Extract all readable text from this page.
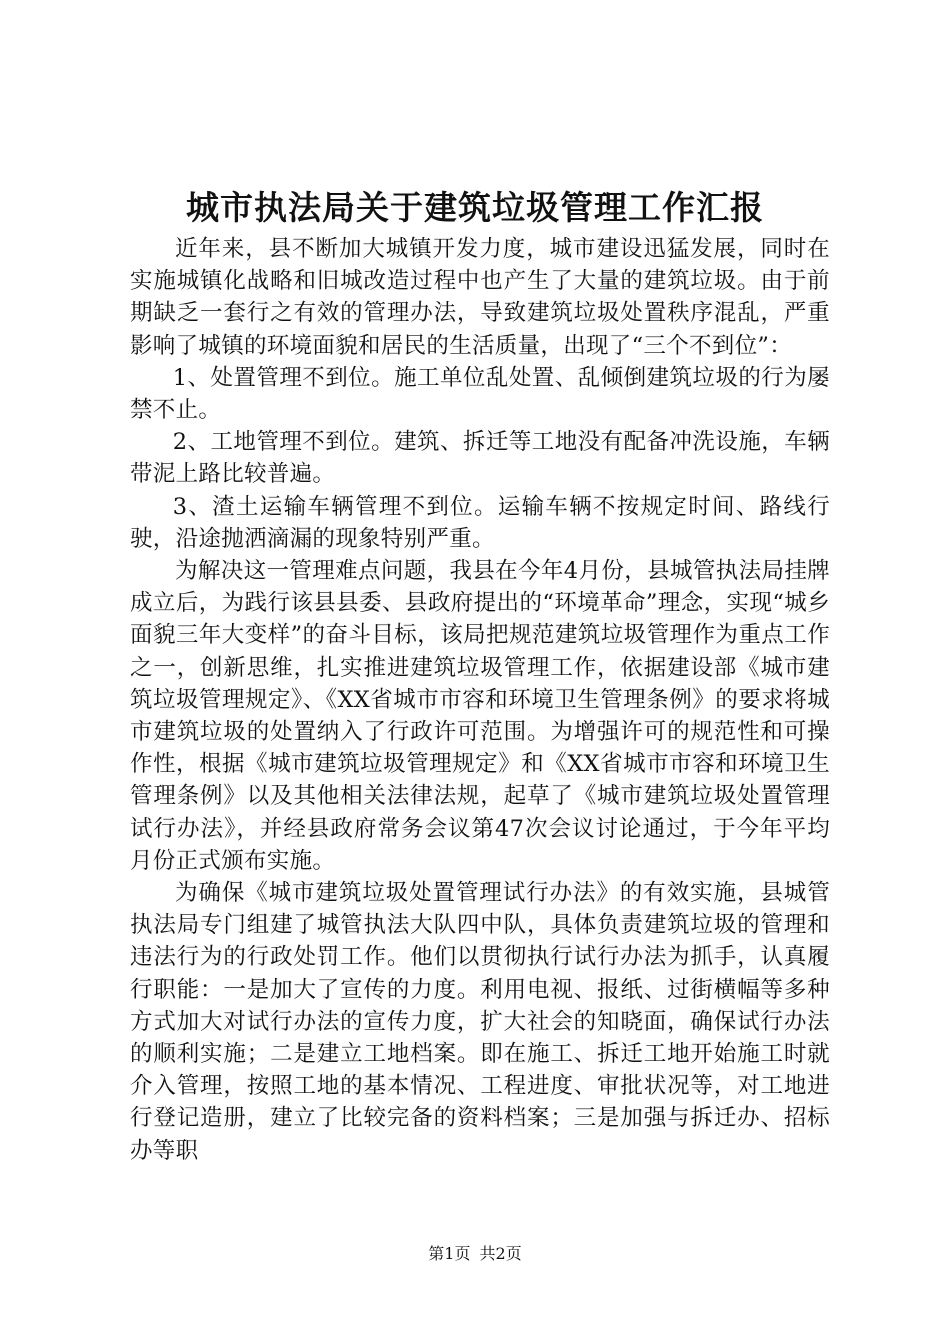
城市执法局关于建筑垃圾管理工作汇报

近年来，县不断加大城镇开发力度，城市建设迅猛发展，同时在实施城镇化战略和旧城改造过程中也产生了大量的建筑垃圾。由于前期缺乏一套行之有效的管理办法，导致建筑垃圾处置秩序混乱，严重影响了城镇的环境面貌和居民的生活质量，出现了“三个不到位”：

1、处置管理不到位。施工单位乱处置、乱倾倒建筑垃圾的行为屡禁不止。

2、工地管理不到位。建筑、拆迁等工地没有配备冲洗设施，车辆带泥上路比较普遍。

3、渣土运输车辆管理不到位。运输车辆不按规定时间、路线行驶，沿途抛洒滴漏的现象特别严重。

为解决这一管理难点问题，我县在今年4月份，县城管执法局挂牌成立后，为践行该县县委、县政府提出的“环境革命”理念，实现“城乡面貌三年大变样”的奋斗目标，该局把规范建筑垃圾管理作为重点工作之一，创新思维，扎实推进建筑垃圾管理工作，依据建设部《城市建筑垃圾管理规定》、《XX省城市市容和环境卫生管理条例》的要求将城市建筑垃圾的处置纳入了行政许可范围。为增强许可的规范性和可操作性，根据《城市建筑垃圾管理规定》和《XX省城市市容和环境卫生管理条例》以及其他相关法律法规，起草了《城市建筑垃圾处置管理试行办法》，并经县政府常务会议第47次会议讨论通过，于今年平均月份正式颁布实施。

为确保《城市建筑垃圾处置管理试行办法》的有效实施，县城管执法局专门组建了城管执法大队四中队，具体负责建筑垃圾的管理和违法行为的行政处罚工作。他们以贯彻执行试行办法为抓手，认真履行职能：一是加大了宣传的力度。利用电视、报纸、过街横幅等多种方式加大对试行办法的宣传力度，扩大社会的知晓面，确保试行办法的顺利实施；二是建立工地档案。即在施工、拆迁工地开始施工时就介入管理，按照工地的基本情况、工程进度、审批状况等，对工地进行登记造册，建立了比较完备的资料档案；三是加强与拆迁办、招标办等职

第1页 共2页
